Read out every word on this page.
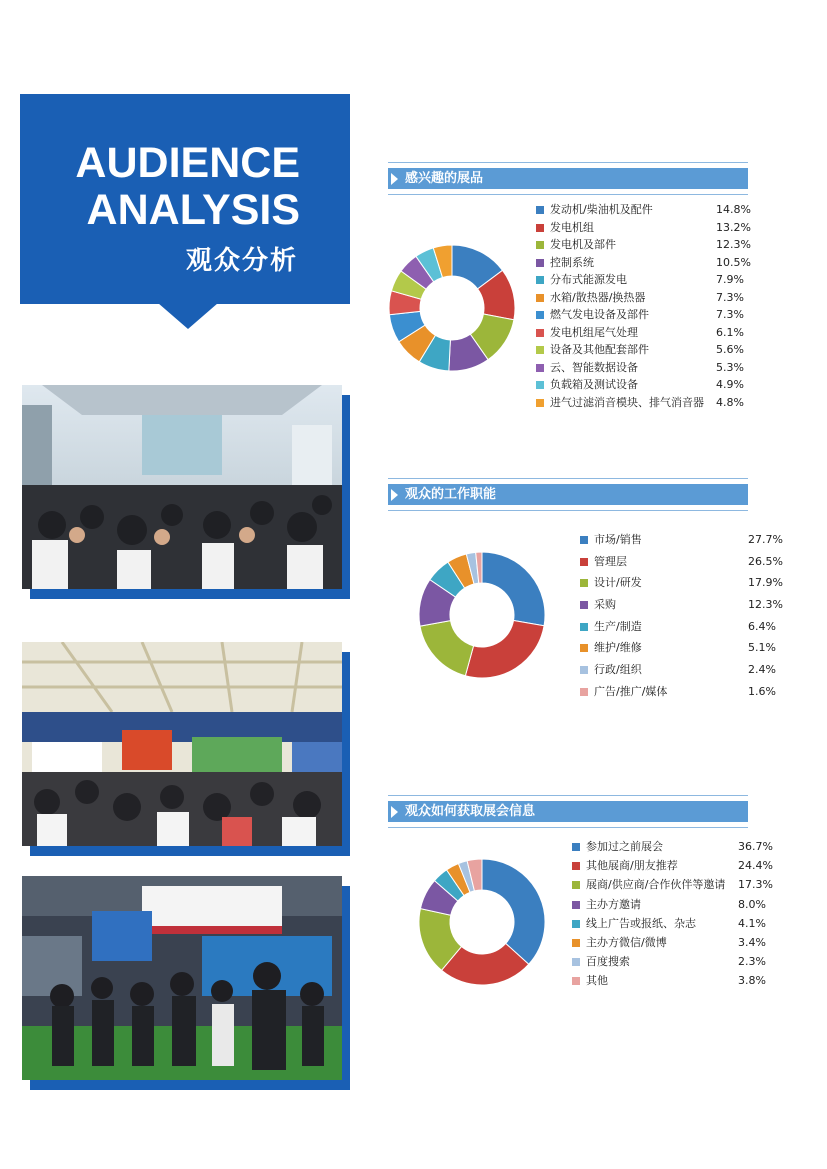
AUDIENCE
ANALYSIS
观众分析
感兴趣的展品
发动机/柴油机及配件	14.8%
发电机组	13.2%
发电机及部件	12.3%
控制系统	10.5%
分布式能源发电	7.9%
水箱/散热器/换热器	7.3%
燃气发电设备及部件	7.3%
发电机组尾气处理	6.1%
设备及其他配套部件	5.6%
云、智能数据设备	5.3%
负载箱及测试设备	4.9%
进气过滤消音模块、排气消音器 4.8%
观众的工作职能
市场/销售	27.7%
管理层	26.5%
设计/研发	17.9%
采购	12.3%
生产/制造	6.4%
维护/维修	5.1%
行政/组织	2.4%
广告/推广/媒体	1.6%
观众如何获取展会信息
参加过之前展会	36.7%
其他展商/朋友推荐	24.4%
展商/供应商/合作伙伴等邀请 17.3%
主办方邀请	8.0%
线上广告或报纸、杂志	4.1%
主办方微信/微博	3.4%
百度搜索	2.3%
其他	3.8%
